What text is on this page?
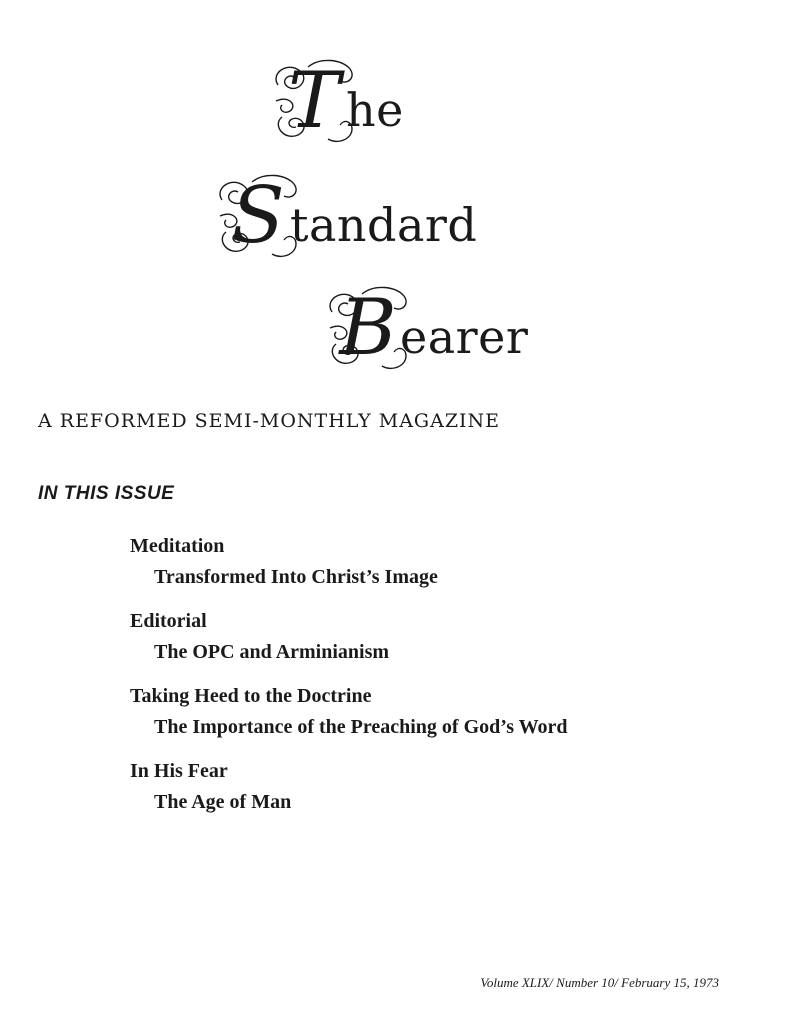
T he
S tandard
B earer
A REFORMED SEMI-MONTHLY MAGAZINE
IN THIS ISSUE
Meditation
Transformed Into Christ’s Image
Editorial
The OPC and Arminianism
Taking Heed to the Doctrine
The Importance of the Preaching of God’s Word
In His Fear
The Age of Man
Volume XLIX/ Number 10/ February 15, 1973
